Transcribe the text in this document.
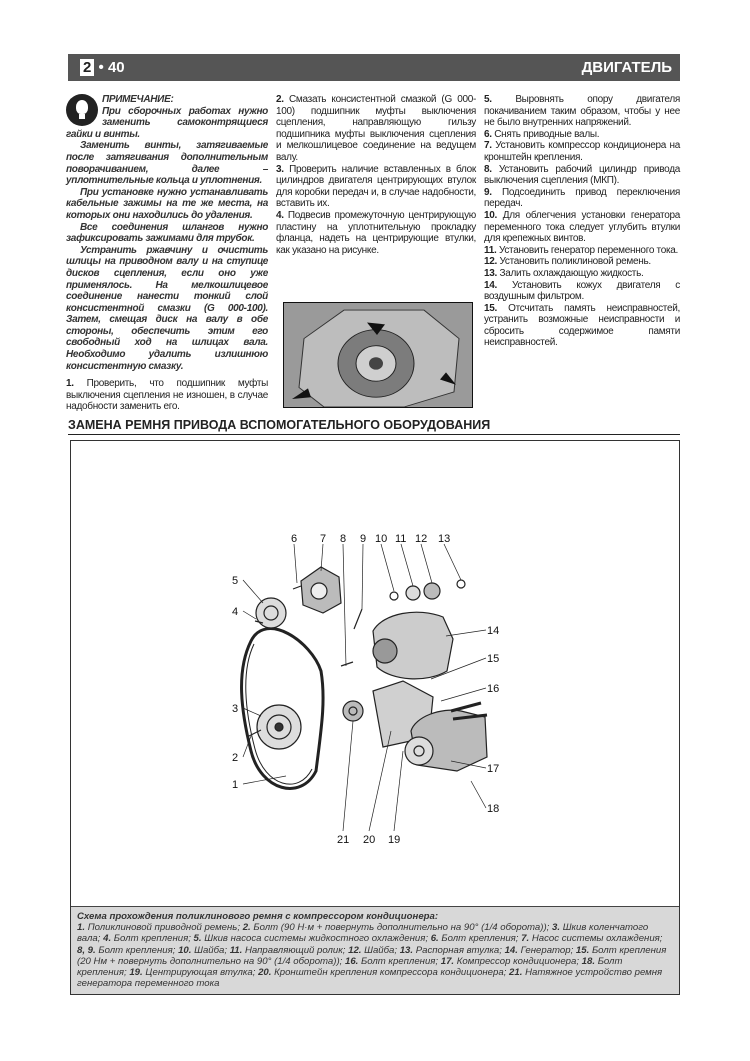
2 • 40	ДВИГАТЕЛЬ
ПРИМЕЧАНИЕ:

При сборочных работах нужно заменить самоконтрящиеся гайки и винты.

Заменить винты, затягиваемые после затягивания дополнительным поворачиванием, далее – уплотнительные кольца и уплотнения.

При установке нужно устанавливать кабельные зажимы на те же места, на которых они находились до удаления.

Все соединения шлангов нужно зафиксировать зажимами для трубок.

Устранить ржавчину и очистить шлицы на приводном валу и на ступице дисков сцепления, если оно уже применялось. На мелкошлицевое соединение нанести тонкий слой консистентной смазки (G 000-100). Затем, смещая диск на валу в обе стороны, обеспечить этим его свободный ход на шлицах вала. Необходимо удалить излишнюю консистентную смазку.

1. Проверить, что подшипник муфты выключения сцепления не изношен, в случае надобности заменить его.

2. Смазать консистентной смазкой (G 000-100) подшипник муфты выключения сцепления, направляющую гильзу подшипника муфты выключения сцепления и мелкошлицевое соединение на ведущем валу.

3. Проверить наличие вставленных в блок цилиндров двигателя центрирующих втулок для коробки передач и, в случае надобности, вставить их.

4. Подвесив промежуточную центрирующую пластину на уплотнительную прокладку фланца, надеть на центрирующие втулки, как указано на рисунке.

5. Выровнять опору двигателя покачиванием таким образом, чтобы у нее не было внутренних напряжений.

6. Снять приводные валы.

7. Установить компрессор кондиционера на кронштейн крепления.

8. Установить рабочий цилиндр привода выключения сцепления (МКП).

9. Подсоединить привод переключения передач.

10. Для облегчения установки генератора переменного тока следует углубить втулки для крепежных винтов.

11. Установить генератор переменного тока.

12. Установить поликлиновой ремень.

13. Залить охлаждающую жидкость.

14. Установить кожух двигателя с воздушным фильтром.

15. Отсчитать память неисправностей, устранить возможные неисправности и сбросить содержимое памяти неисправностей.

ЗАМЕНА РЕМНЯ ПРИВОДА ВСПОМОГАТЕЛЬНОГО ОБОРУДОВАНИЯ
6 7 8 9 10 11 12 13
5
4
14
15
16
3
2
17
1
18
21 20 19
Схема прохождения поликлинового ремня с компрессором кондиционера:
1. Поликлиновой приводной ремень; 2. Болт (90 Н·м + повернуть дополнительно на 90° (1/4 оборота)); 3. Шкив коленчатого вала; 4. Болт крепления; 5. Шкив насоса системы жидкостного охлаждения; 6. Болт крепления; 7. Насос системы охлаждения; 8, 9. Болт крепления; 10. Шайба; 11. Направляющий ролик; 12. Шайба; 13. Распорная втулка; 14. Генератор; 15. Болт крепления (20 Нм + повернуть дополнительно на 90° (1/4 оборота)); 16. Болт крепления; 17. Компрессор кондиционера; 18. Болт крепления; 19. Центрирующая втулка; 20. Кронштейн крепления компрессора кондиционера; 21. Натяжное устройство ремня генератора переменного тока
